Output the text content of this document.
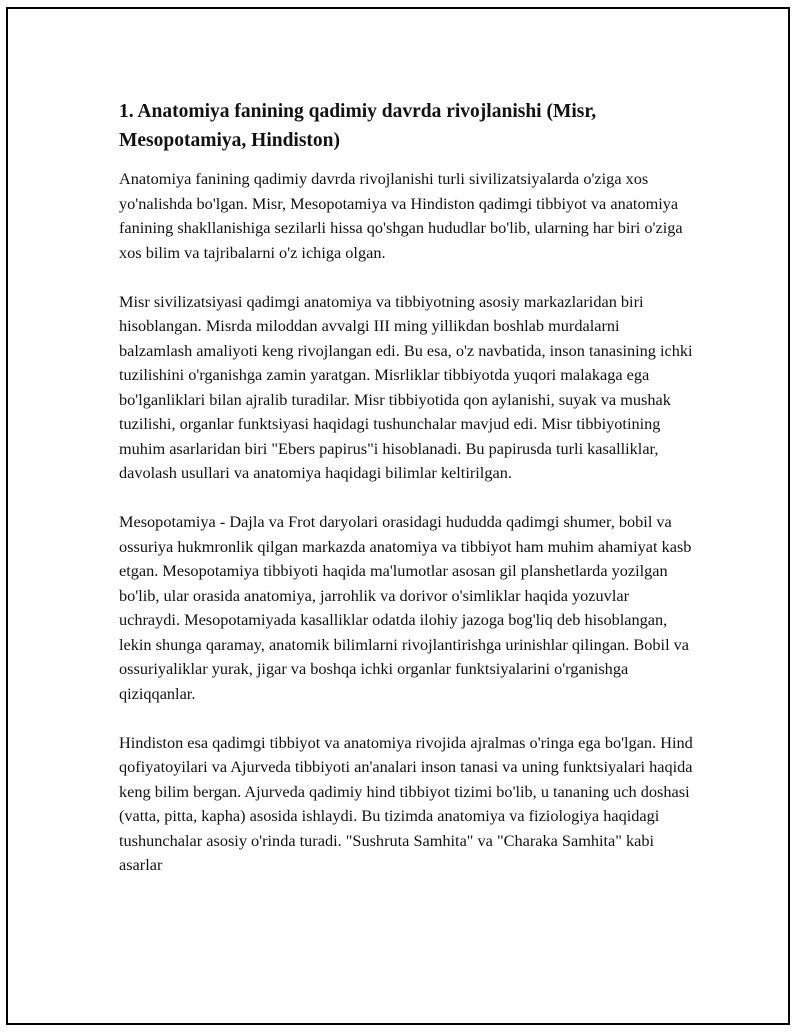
1. Anatomiya fanining qadimiy davrda rivojlanishi (Misr, Mesopotamiya, Hindiston)

Anatomiya fanining qadimiy davrda rivojlanishi turli sivilizatsiyalarda o'ziga xos yo'nalishda bo'lgan. Misr, Mesopotamiya va Hindiston qadimgi tibbiyot va anatomiya fanining shakllanishiga sezilarli hissa qo'shgan hududlar bo'lib, ularning har biri o'ziga xos bilim va tajribalarni o'z ichiga olgan.

Misr sivilizatsiyasi qadimgi anatomiya va tibbiyotning asosiy markazlaridan biri hisoblangan. Misrda miloddan avvalgi III ming yillikdan boshlab murdalarni balzamlash amaliyoti keng rivojlangan edi. Bu esa, o'z navbatida, inson tanasining ichki tuzilishini o'rganishga zamin yaratgan. Misrliklar tibbiyotda yuqori malakaga ega bo'lganliklari bilan ajralib turadilar. Misr tibbiyotida qon aylanishi, suyak va mushak tuzilishi, organlar funktsiyasi haqidagi tushunchalar mavjud edi. Misr tibbiyotining muhim asarlaridan biri "Ebers papirus"i hisoblanadi. Bu papirusda turli kasalliklar, davolash usullari va anatomiya haqidagi bilimlar keltirilgan.

Mesopotamiya - Dajla va Frot daryolari orasidagi hududda qadimgi shumer, bobil va ossuriya hukmronlik qilgan markazda anatomiya va tibbiyot ham muhim ahamiyat kasb etgan. Mesopotamiya tibbiyoti haqida ma'lumotlar asosan gil planshetlarda yozilgan bo'lib, ular orasida anatomiya, jarrohlik va dorivor o'simliklar haqida yozuvlar uchraydi. Mesopotamiyada kasalliklar odatda ilohiy jazoga bog'liq deb hisoblangan, lekin shunga qaramay, anatomik bilimlarni rivojlantirishga urinishlar qilingan. Bobil va ossuriyaliklar yurak, jigar va boshqa ichki organlar funktsiyalarini o'rganishga qiziqqanlar.

Hindiston esa qadimgi tibbiyot va anatomiya rivojida ajralmas o'ringa ega bo'lgan. Hind qofiyatoyilari va Ajurveda tibbiyoti an'analari inson tanasi va uning funktsiyalari haqida keng bilim bergan. Ajurveda qadimiy hind tibbiyot tizimi bo'lib, u tananing uch doshasi (vatta, pitta, kapha) asosida ishlaydi. Bu tizimda anatomiya va fiziologiya haqidagi tushunchalar asosiy o'rinda turadi. "Sushruta Samhita" va "Charaka Samhita" kabi asarlar
